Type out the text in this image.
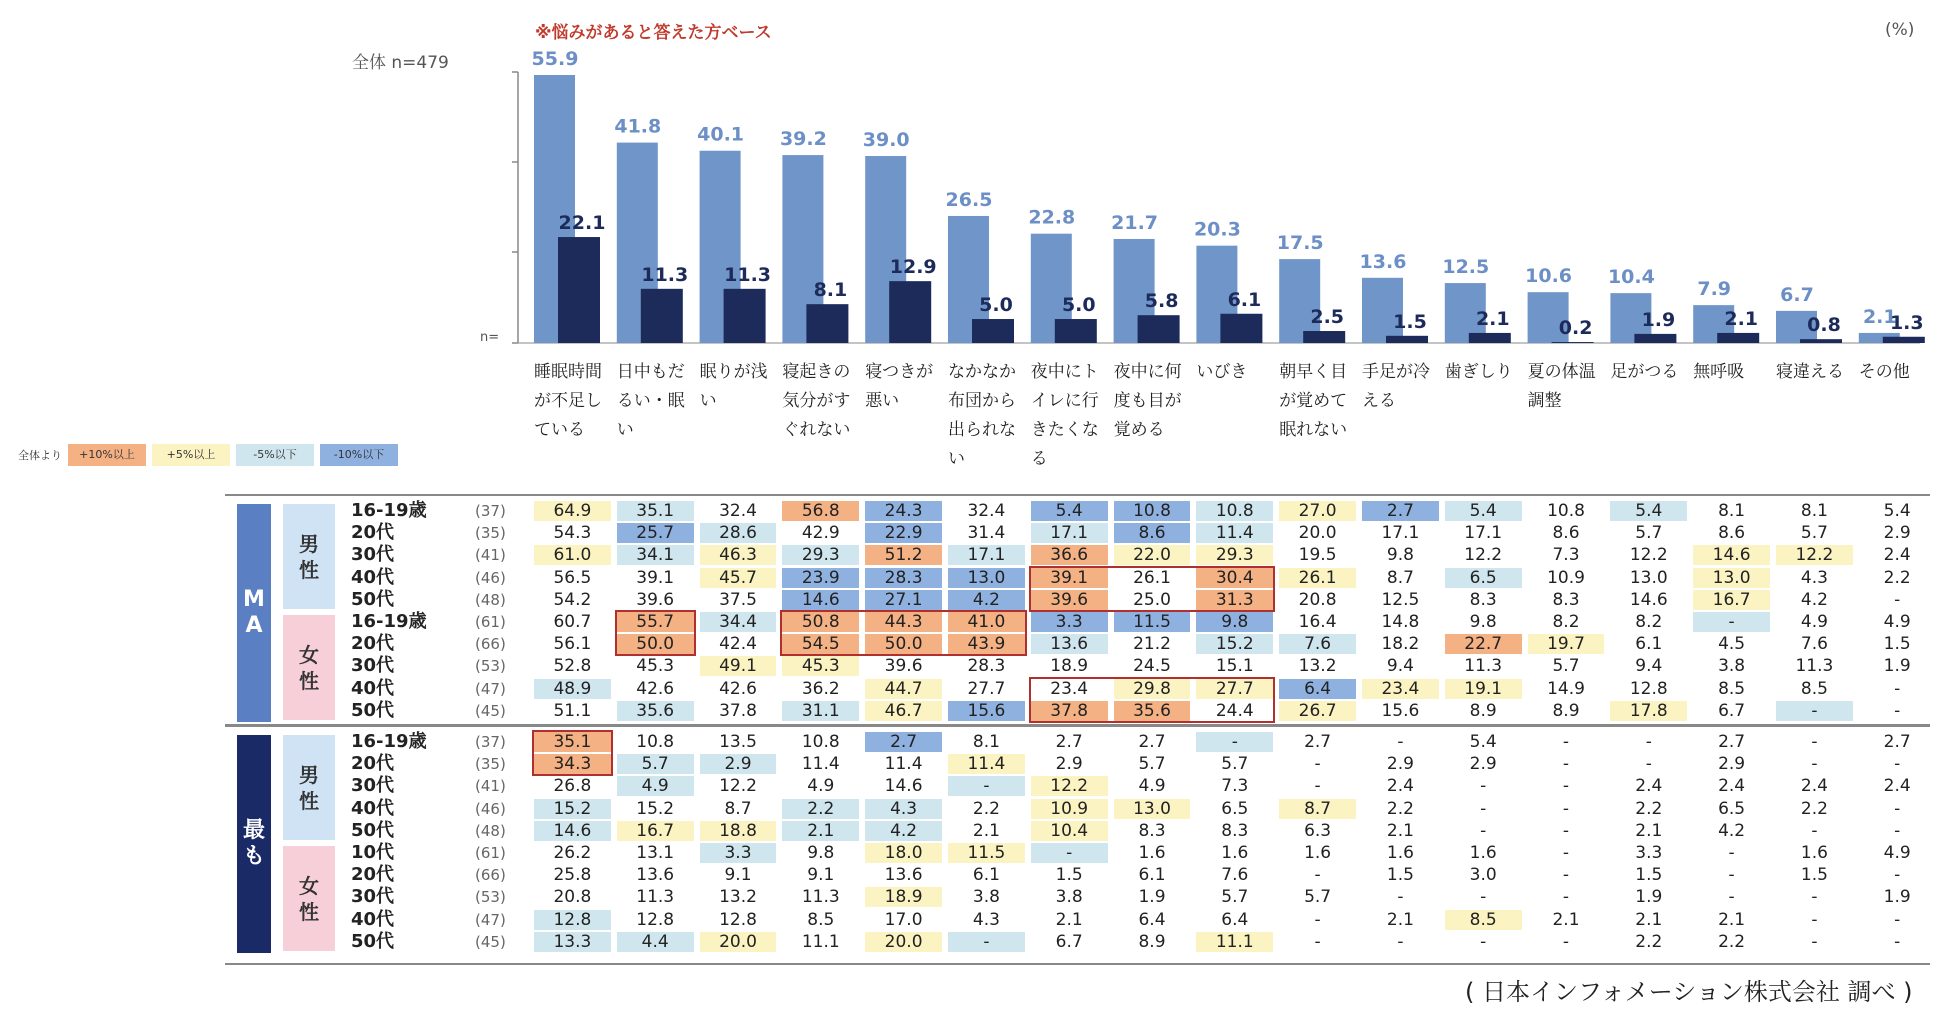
※悩みがあると答えた方ベース	(%)
全体 n=479
n=
55.9
22.1
41.8
11.3
40.1
11.3
39.2
8.1
39.0
12.9
26.5
5.0
22.8
5.0
21.7
5.8
20.3
6.1
17.5
2.5
13.6
1.5
12.5
2.1
10.6
0.2
10.4
1.9
7.9
2.1
6.7
0.8 2.1
1.3
睡眠時間が不足している
日中もだるい・眠い
眠りが浅い
寝起きの気分がすぐれない
寝つきが悪い
なかなか布団から出られない
夜中にトイレに行きたくなる
夜中に何度も目が覚める
いびき	朝早く目が覚めて眠れない
手足が冷える
歯ぎしり 夏の体温調整
足がつる 無呼吸	寝違える その他
全体より	+10%以上	+5%以上	-5%以下	-10%以下
M
A
男
性
16-19歳	(37)	64.9	35.1	32.4	56.8	24.3	32.4	5.4	10.8	10.8	27.0	2.7	5.4	10.8	5.4	8.1	8.1	5.4
20代	(35)	54.3	25.7	28.6	42.9	22.9	31.4	17.1	8.6	11.4	20.0	17.1	17.1	8.6	5.7	8.6	5.7	2.9
30代	(41)	61.0	34.1	46.3	29.3	51.2	17.1	36.6	22.0	29.3	19.5	9.8	12.2	7.3	12.2	14.6	12.2	2.4
40代	(46)	56.5	39.1	45.7	23.9	28.3	13.0	39.1	26.1	30.4	26.1	8.7	6.5	10.9	13.0	13.0	4.3	2.2
50代	(48)	54.2	39.6	37.5	14.6	27.1	4.2	39.6	25.0	31.3	20.8	12.5	8.3	8.3	14.6	16.7	4.2	-
女
性
16-19歳	(61)	60.7	55.7	34.4	50.8	44.3	41.0	3.3	11.5	9.8	16.4	14.8	9.8	8.2	8.2	-	4.9	4.9
20代	(66)	56.1	50.0	42.4	54.5	50.0	43.9	13.6	21.2	15.2	7.6	18.2	22.7	19.7	6.1	4.5	7.6	1.5
30代	(53)	52.8	45.3	49.1	45.3	39.6	28.3	18.9	24.5	15.1	13.2	9.4	11.3	5.7	9.4	3.8	11.3	1.9
40代	(47)	48.9	42.6	42.6	36.2	44.7	27.7	23.4	29.8	27.7	6.4	23.4	19.1	14.9	12.8	8.5	8.5	-
50代	(45)	51.1	35.6	37.8	31.1	46.7	15.6	37.8	35.6	24.4	26.7	15.6	8.9	8.9	17.8	6.7	-	-
最
も
男
性
16-19歳	(37)	35.1	10.8	13.5	10.8	2.7	8.1	2.7	2.7	-	2.7	-	5.4	-	-	2.7	-	2.7
20代	(35)	34.3	5.7	2.9	11.4	11.4	11.4	2.9	5.7	5.7	-	2.9	2.9	-	-	2.9	-	-
30代	(41)	26.8	4.9	12.2	4.9	14.6	-	12.2	4.9	7.3	-	2.4	-	-	2.4	2.4	2.4	2.4
40代	(46)	15.2	15.2	8.7	2.2	4.3	2.2	10.9	13.0	6.5	8.7	2.2	-	-	2.2	6.5	2.2	-
50代	(48)	14.6	16.7	18.8	2.1	4.2	2.1	10.4	8.3	8.3	6.3	2.1	-	-	2.1	4.2	-	-
女
性
10代	(61)	26.2	13.1	3.3	9.8	18.0	11.5	-	1.6	1.6	1.6	1.6	1.6	-	3.3	-	1.6	4.9
20代	(66)	25.8	13.6	9.1	9.1	13.6	6.1	1.5	6.1	7.6	-	1.5	3.0	-	1.5	-	1.5	-
30代	(53)	20.8	11.3	13.2	11.3	18.9	3.8	3.8	1.9	5.7	5.7	-	-	-	1.9	-	-	1.9
40代	(47)	12.8	12.8	12.8	8.5	17.0	4.3	2.1	6.4	6.4	-	2.1	8.5	2.1	2.1	2.1	-	-
50代	(45)	13.3	4.4	20.0	11.1	20.0	-	6.7	8.9	11.1	-	-	-	-	2.2	2.2	-	-
( 日本インフォメーション株式会社 調べ )
